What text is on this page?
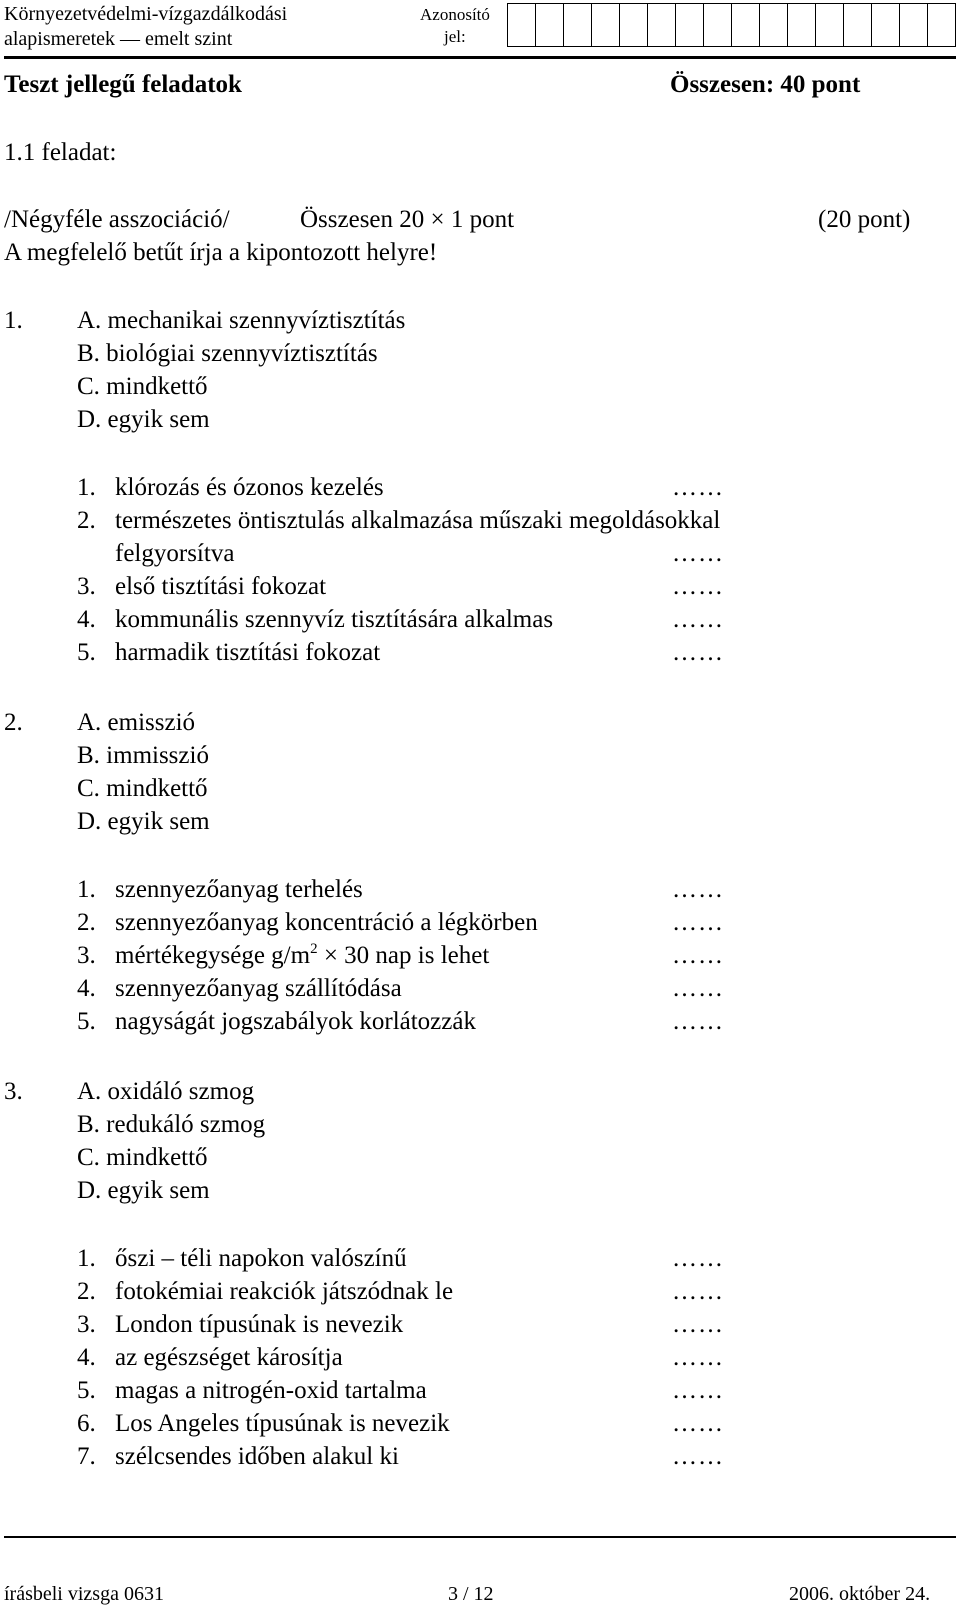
Környezetvédelmi-vízgazdálkodási
alapismeretek — emelt szint
Azonosító
jel:
Teszt jellegű feladatok	Összesen: 40 pont
1.1 feladat:
/Négyféle asszociáció/	Összesen 20 × 1 pont	(20 pont)
A megfelelő betűt írja a kipontozott helyre!
1. A. mechanikai szennyvíztisztítás
B. biológiai szennyvíztisztítás
C. mindkettő
D. egyik sem
1. klórozás és ózonos kezelés	……
2. természetes öntisztulás alkalmazása műszaki megoldásokkal
felgyorsítva	……
3. első tisztítási fokozat	……
4. kommunális szennyvíz tisztítására alkalmas	……
5. harmadik tisztítási fokozat	……
2. A. emisszió
B. immisszió
C. mindkettő
D. egyik sem
1. szennyezőanyag terhelés	……
2. szennyezőanyag koncentráció a légkörben	……
3. mértékegysége $g/m^2 \times 30$ nap is lehet	……
4. szennyezőanyag szállítódása	……
5. nagyságát jogszabályok korlátozzák	……
3. A. oxidáló szmog
B. redukáló szmog
C. mindkettő
D. egyik sem
1. őszi – téli napokon valószínű	……
2. fotokémiai reakciók játszódnak le	……
3. London típusúnak is nevezik	……
4. az egészséget károsítja	……
5. magas a nitrogén-oxid tartalma	……
6. Los Angeles típusúnak is nevezik	……
7. szélcsendes időben alakul ki	……
írásbeli vizsga 0631	3 / 12	2006. október 24.
